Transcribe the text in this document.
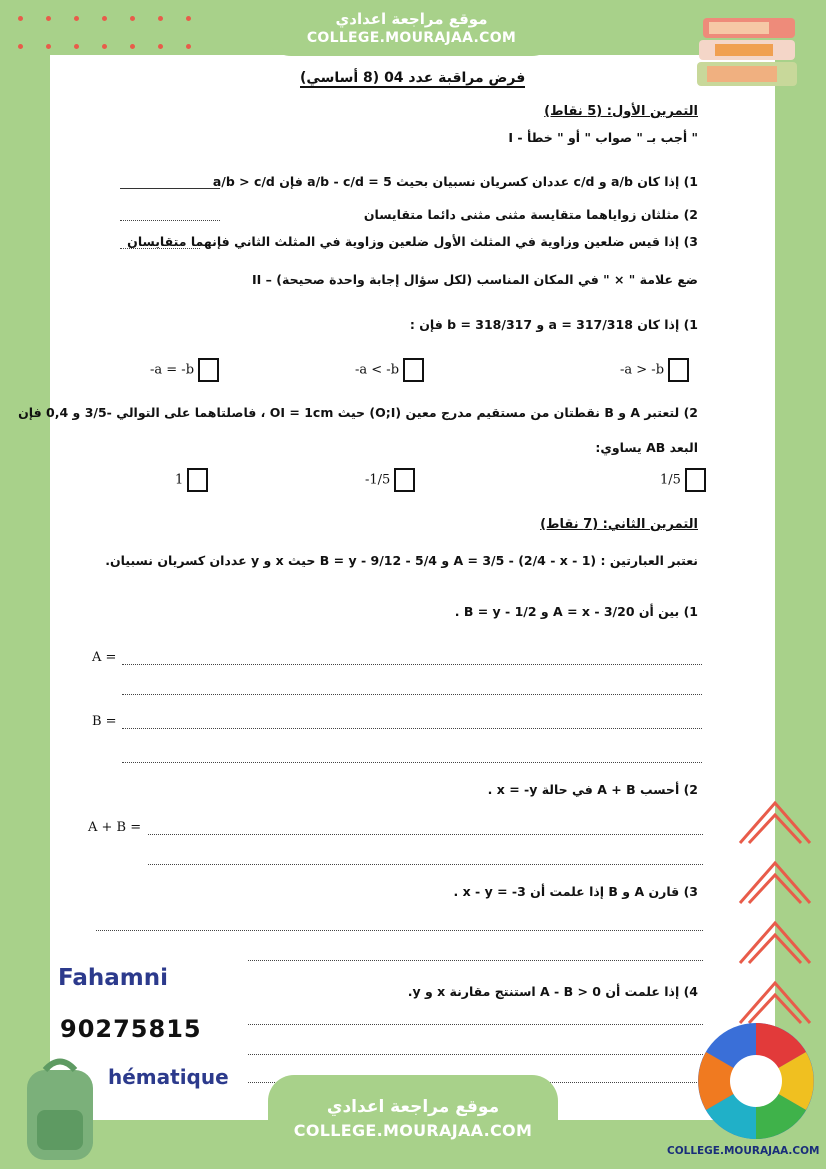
موقع مراجعة اعدادي
COLLEGE.MOURAJAA.COM
فرض مراقبة عدد 04 (8 أساسي)
التمرين الأول: (5 نقاط)
I - أجب بـ " صواب " أو " خطأ "
1) إذا كان a/b و c/d عددان كسريان نسبيان بحيث a/b - c/d = 5 فإن a/b > c/d
2) مثلثان زواياهما متقايسة مثنى مثنى دائما متقايسان
3) إذا قيس ضلعين وزاوية في المثلث الأول ضلعين وزاوية في المثلث الثاني فإنهما متقايسان
II – ضع علامة " × " في المكان المناسب (لكل سؤال إجابة واحدة صحيحة)
1) إذا كان a = 317/318 و b = 318/317 فإن :
-a > -b
-a < -b
-a = -b
2) لتعتبر A و B نقطتان من مستقيم مدرج معين (O;I) حيث OI = 1cm ، فاصلتاهما على التوالي -3/5 و 0,4 فإن
البعد AB يساوي:
1/5
-1/5
1
التمرين الثاني: (7 نقاط)
نعتبر العبارتين : A = 3/5 - (2/4 - x - 1) و B = y - 9/12 - 5/4 حيث x و y عددان كسريان نسبيان.
1) بين أن A = x - 3/20 و B = y - 1/2 .
A =
B =
2) أحسب A + B في حالة x = -y .
A + B =
3) قارن A و B إذا علمت أن x - y = -3 .
4) إذا علمت أن A - B > 0 استنتج مقارنة x و y.
Fahamni
90275815
hématique
موقع مراجعة اعدادي
COLLEGE.MOURAJAA.COM
COLLEGE.MOURAJAA.COM
